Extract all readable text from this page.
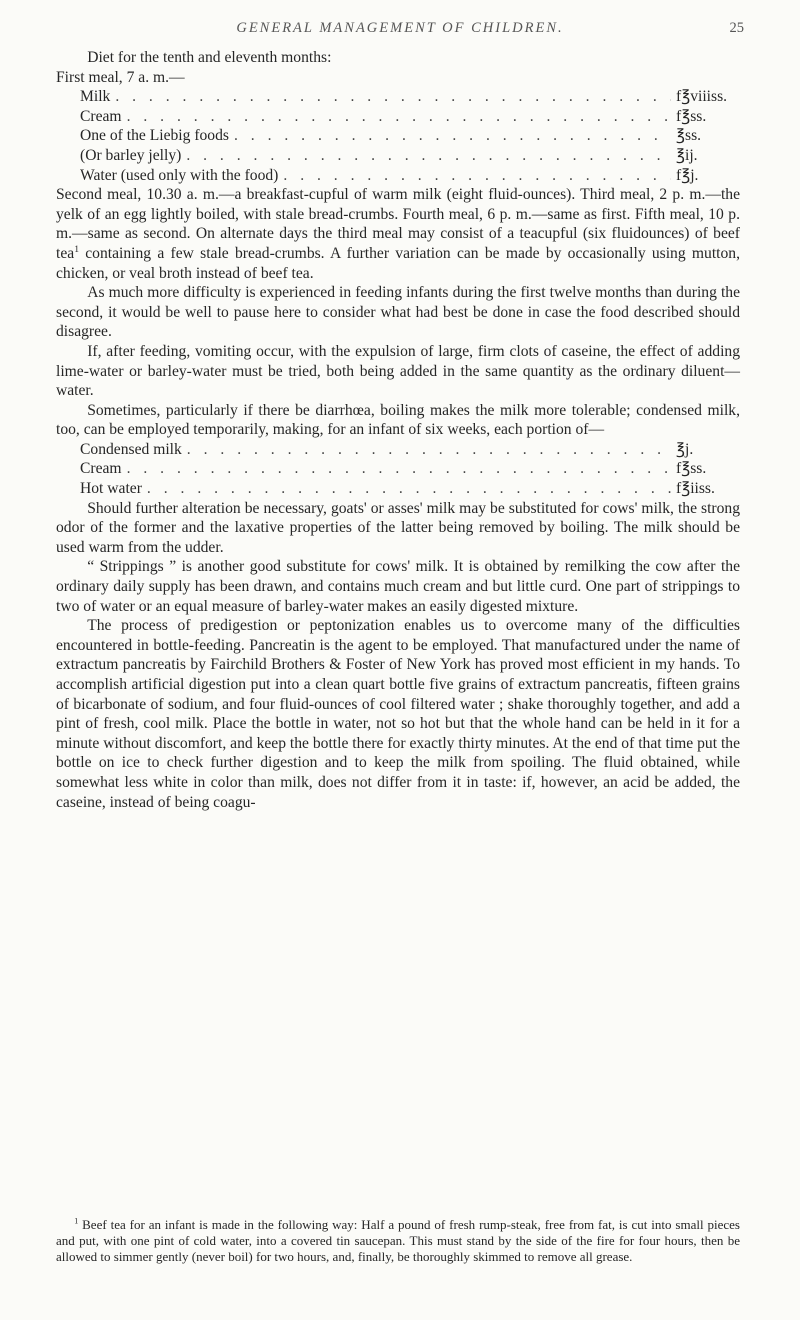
GENERAL MANAGEMENT OF CHILDREN.	25

Diet for the tenth and eleventh months:

First meal, 7 a. m.—

Milk . . .	f℥viiiss.
Cream . . .	f℥ss.
One of the Liebig foods . . .	℥ss.
(Or barley jelly) . . .	℥ij.
Water (used only with the food) . . .	f℥j.

Second meal, 10.30 a. m.—a breakfast-cupful of warm milk (eight fluid-ounces). Third meal, 2 p. m.—the yelk of an egg lightly boiled, with stale bread-crumbs. Fourth meal, 6 p. m.—same as first. Fifth meal, 10 p. m.—same as second. On alternate days the third meal may consist of a teacupful (six fluidounces) of beef tea$^1$ containing a few stale bread-crumbs. A further variation can be made by occasionally using mutton, chicken, or veal broth instead of beef tea.

As much more difficulty is experienced in feeding infants during the first twelve months than during the second, it would be well to pause here to consider what had best be done in case the food described should disagree.

If, after feeding, vomiting occur, with the expulsion of large, firm clots of caseine, the effect of adding lime-water or barley-water must be tried, both being added in the same quantity as the ordinary diluent—water.

Sometimes, particularly if there be diarrhœa, boiling makes the milk more tolerable; condensed milk, too, can be employed temporarily, making, for an infant of six weeks, each portion of—

Condensed milk . . .	℥j.
Cream . . .	f℥ss.
Hot water . . .	f℥iiss.

Should further alteration be necessary, goats' or asses' milk may be substituted for cows' milk, the strong odor of the former and the laxative properties of the latter being removed by boiling. The milk should be used warm from the udder.

“ Strippings ” is another good substitute for cows' milk. It is obtained by remilking the cow after the ordinary daily supply has been drawn, and contains much cream and but little curd. One part of strippings to two of water or an equal measure of barley-water makes an easily digested mixture.

The process of predigestion or peptonization enables us to overcome many of the difficulties encountered in bottle-feeding. Pancreatin is the agent to be employed. That manufactured under the name of extractum pancreatis by Fairchild Brothers & Foster of New York has proved most efficient in my hands. To accomplish artificial digestion put into a clean quart bottle five grains of extractum pancreatis, fifteen grains of bicarbonate of sodium, and four fluid-ounces of cool filtered water ; shake thoroughly together, and add a pint of fresh, cool milk. Place the bottle in water, not so hot but that the whole hand can be held in it for a minute without discomfort, and keep the bottle there for exactly thirty minutes. At the end of that time put the bottle on ice to check further digestion and to keep the milk from spoiling. The fluid obtained, while somewhat less white in color than milk, does not differ from it in taste: if, however, an acid be added, the caseine, instead of being coagu-

$^1$ Beef tea for an infant is made in the following way: Half a pound of fresh rump-steak, free from fat, is cut into small pieces and put, with one pint of cold water, into a covered tin saucepan. This must stand by the side of the fire for four hours, then be allowed to simmer gently (never boil) for two hours, and, finally, be thoroughly skimmed to remove all grease.
